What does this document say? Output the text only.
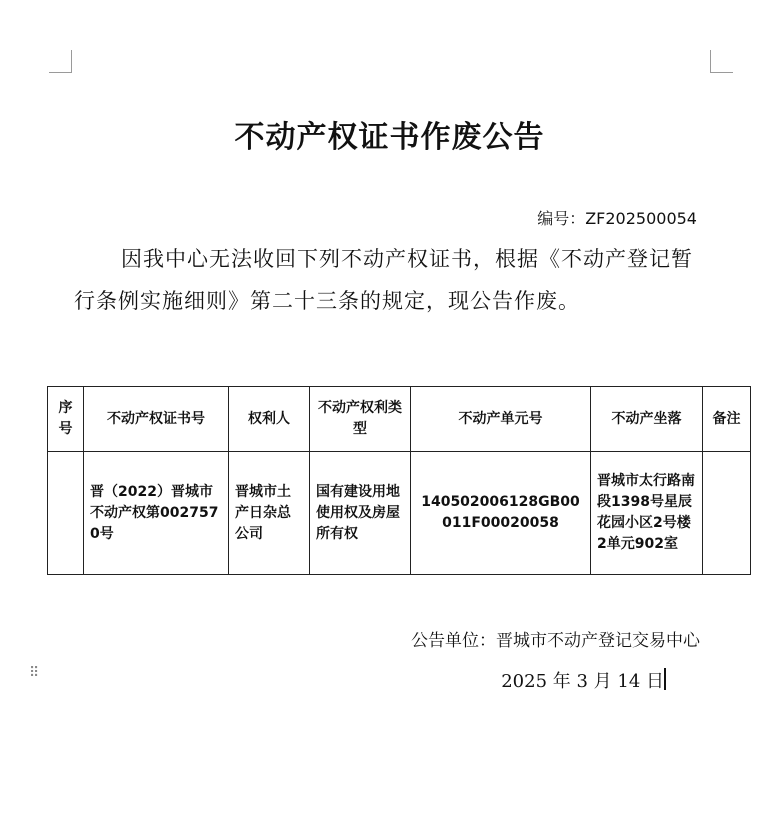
不动产权证书作废公告
编号：ZF202500054
因我中心无法收回下列不动产权证书，根据《不动产登记暂行条例实施细则》第二十三条的规定，现公告作废。
序号	不动产权证书号	权利人	不动产权利类型	不动产单元号	不动产坐落	备注
	晋（2022）晋城市不动产权第0027570号	晋城市土产日杂总公司	国有建设用地使用权及房屋所有权	140502006128GB00011F00020058	晋城市太行路南段1398号星辰花园小区2号楼2单元902室	
⠿
公告单位：晋城市不动产登记交易中心
2025 年 3 月 14 日
